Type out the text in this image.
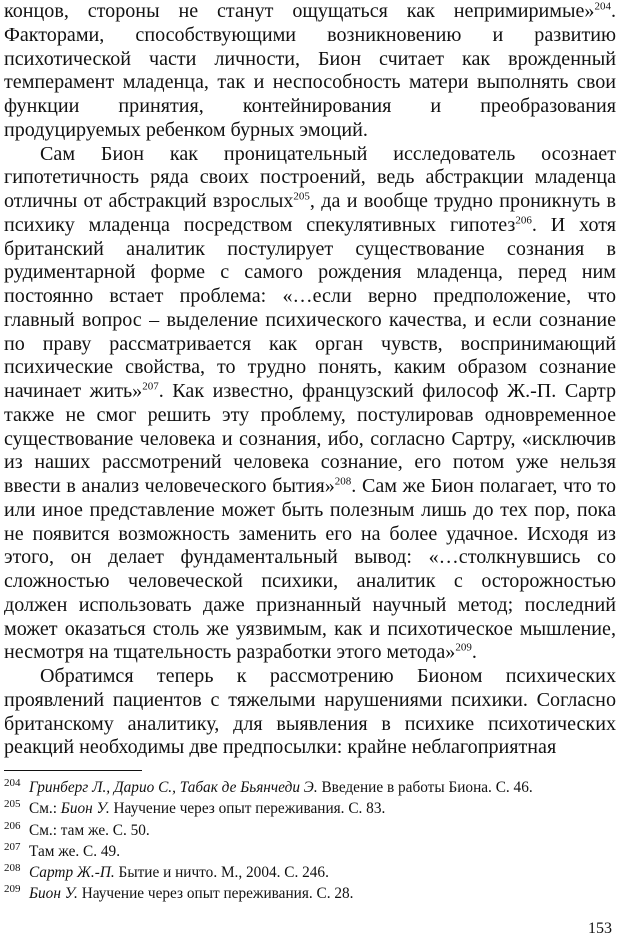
концов, стороны не станут ощущаться как непримиримые»$^{204}$. Факторами, способствующими возникновению и развитию психотической части личности, Бион считает как врожденный темперамент младенца, так и неспособность матери выполнять свои функции принятия, контейнирования и преобразования продуцируемых ребенком бурных эмоций.

Сам Бион как проницательный исследователь осознает гипотетичность ряда своих построений, ведь абстракции младенца отличны от абстракций взрослых$^{205}$, да и вообще трудно проникнуть в психику младенца посредством спекулятивных гипотез$^{206}$. И хотя британский аналитик постулирует существование сознания в рудиментарной форме с самого рождения младенца, перед ним постоянно встает проблема: «…если верно предположение, что главный вопрос – выделение психического качества, и если сознание по праву рассматривается как орган чувств, воспринимающий психические свойства, то трудно понять, каким образом сознание начинает жить»$^{207}$. Как известно, французский философ Ж.-П. Сартр также не смог решить эту проблему, постулировав одновременное существование человека и сознания, ибо, согласно Сартру, «исключив из наших рассмотрений человека сознание, его потом уже нельзя ввести в анализ человеческого бытия»$^{208}$. Сам же Бион полагает, что то или иное представление может быть полезным лишь до тех пор, пока не появится возможность заменить его на более удачное. Исходя из этого, он делает фундаментальный вывод: «…столкнувшись со сложностью человеческой психики, аналитик с осторожностью должен использовать даже признанный научный метод; последний может оказаться столь же уязвимым, как и психотическое мышление, несмотря на тщательность разработки этого метода»$^{209}$.

Обратимся теперь к рассмотрению Бионом психических проявлений пациентов с тяжелыми нарушениями психики. Согласно британскому аналитику, для выявления в психике психотических реакций необходимы две предпосылки: крайне неблагоприятная

$^{204}$ Гринберг Л., Дарио С., Табак де Бьянчеди Э. Введение в работы Биона. С. 46.
$^{205}$ См.: Бион У. Научение через опыт переживания. С. 83.
$^{206}$ См.: там же. С. 50.
$^{207}$ Там же. С. 49.
$^{208}$ Сартр Ж.-П. Бытие и ничто. М., 2004. С. 246.
$^{209}$ Бион У. Научение через опыт переживания. С. 28.
153
